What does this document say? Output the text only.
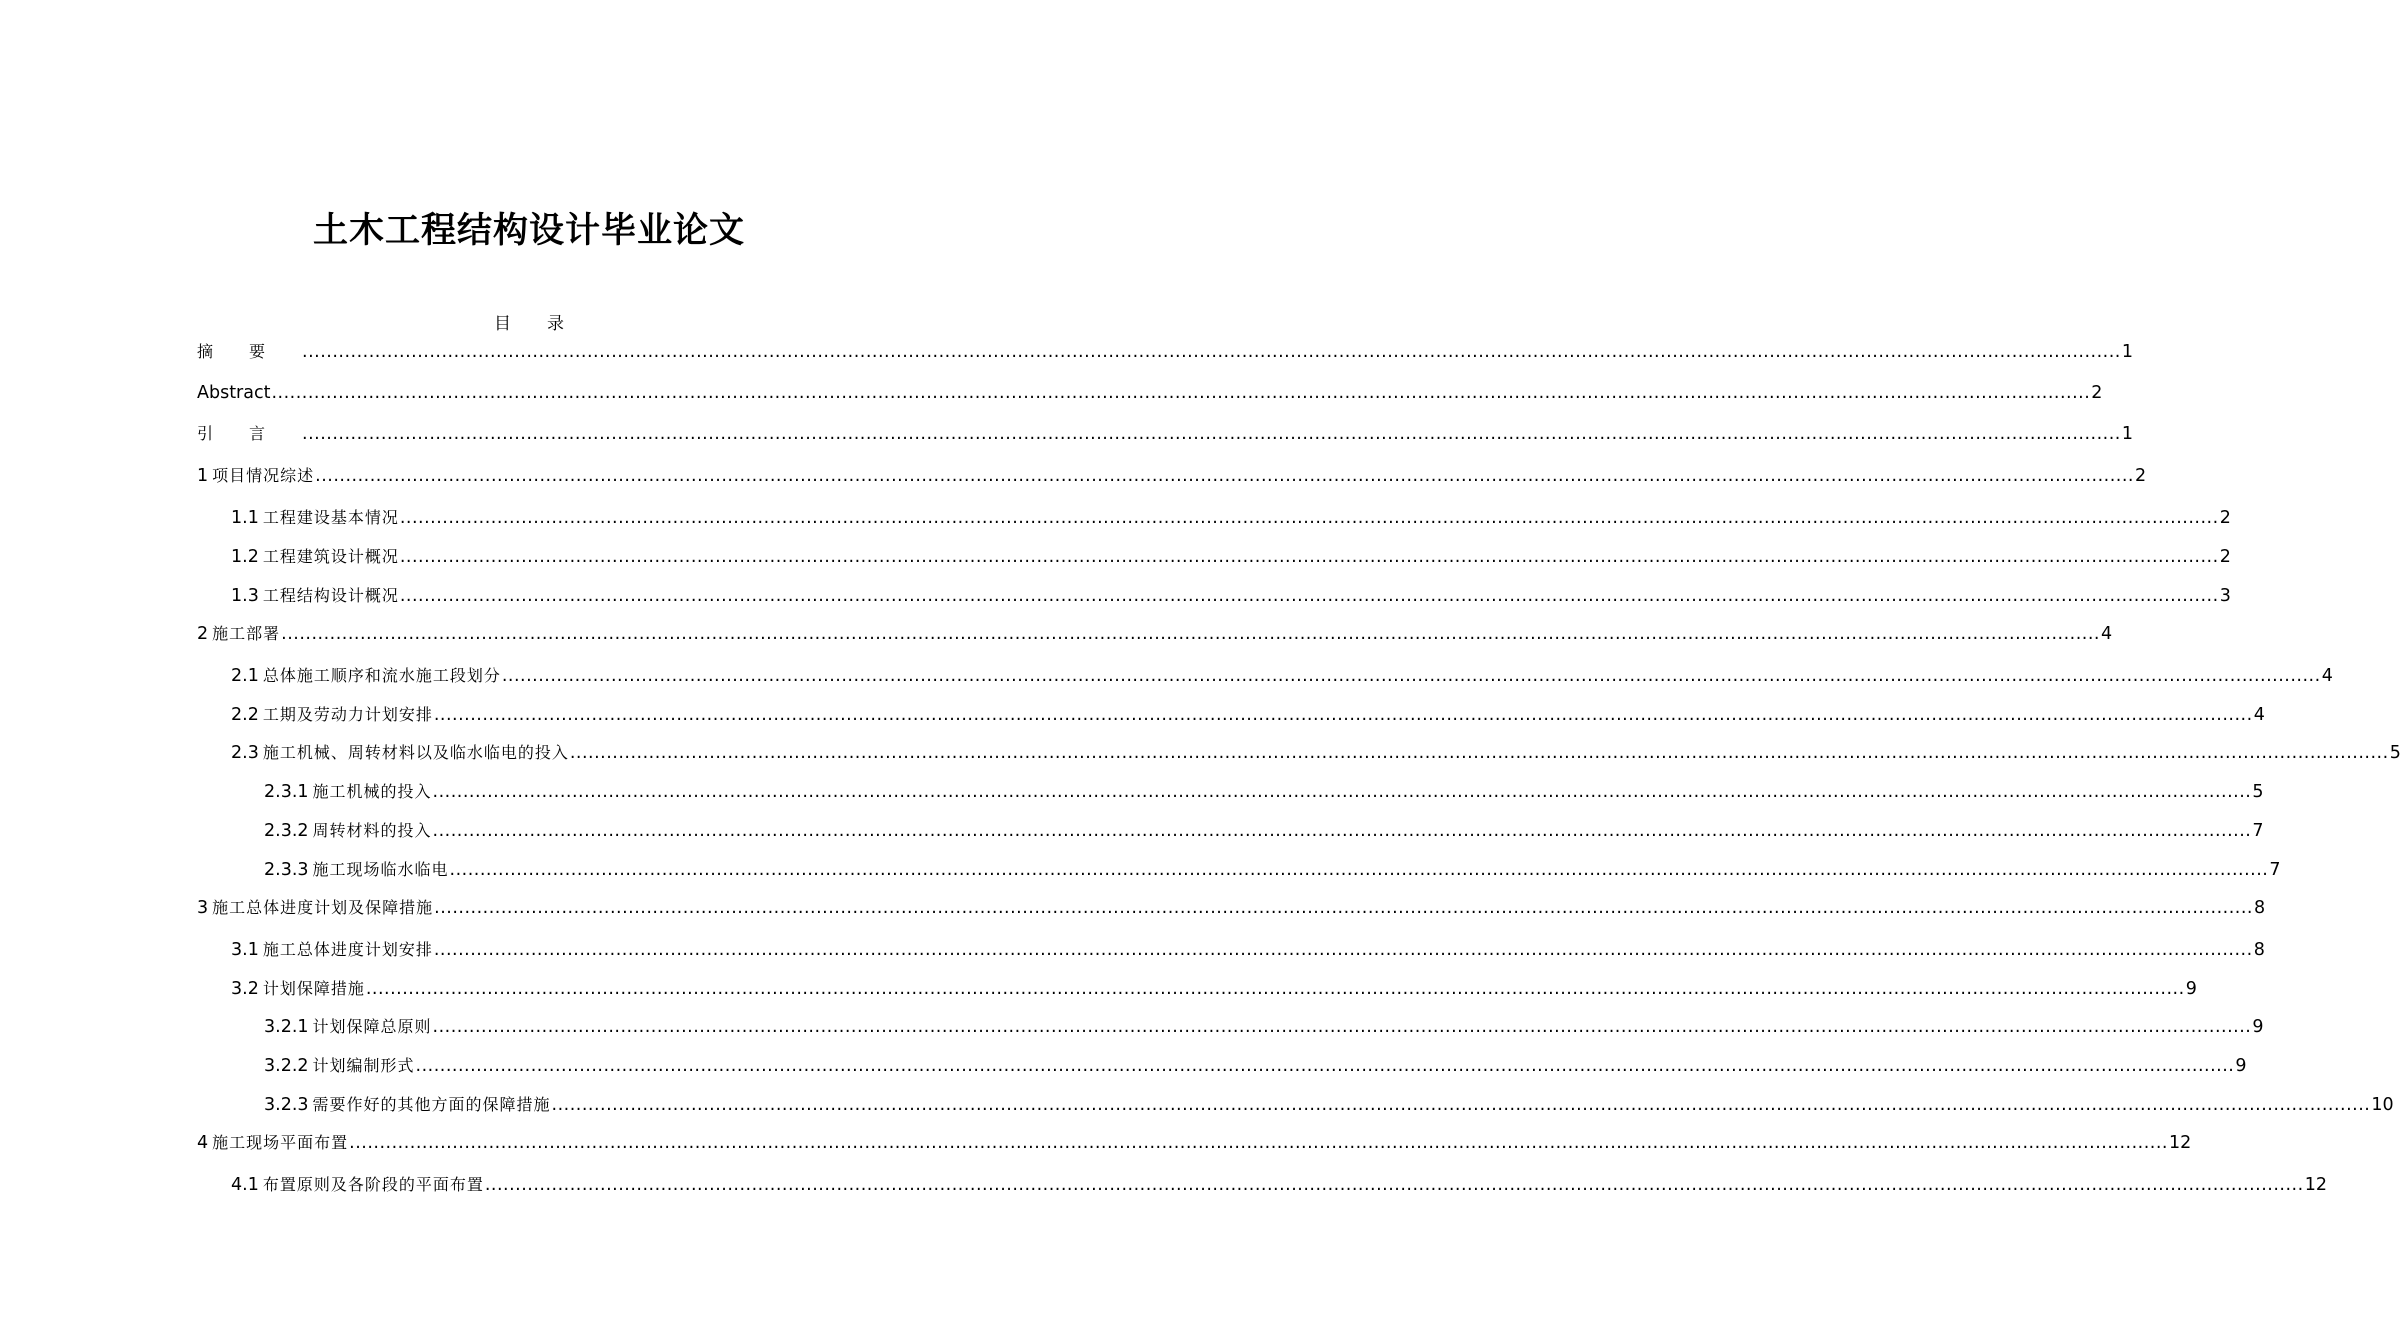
土木工程结构设计毕业论文
目 录
摘要 ............................................................................................................................................................................................................................................................................................................ 1
Abstract ............................................................................................................................................................................................................................................................................................................ 2
引言 ............................................................................................................................................................................................................................................................................................................ 1
1 项目情况综述 ............................................................................................................................................................................................................................................................................................................ 2
1.1 工程建设基本情况 ............................................................................................................................................................................................................................................................................................................ 2
1.2 工程建筑设计概况 ............................................................................................................................................................................................................................................................................................................ 2
1.3 工程结构设计概况 ............................................................................................................................................................................................................................................................................................................ 3
2 施工部署 ............................................................................................................................................................................................................................................................................................................ 4
2.1 总体施工顺序和流水施工段划分 ............................................................................................................................................................................................................................................................................................................ 4
2.2 工期及劳动力计划安排 ............................................................................................................................................................................................................................................................................................................ 4
2.3 施工机械、周转材料以及临水临电的投入 ............................................................................................................................................................................................................................................................................................................ 5
2.3.1 施工机械的投入 ............................................................................................................................................................................................................................................................................................................ 5
2.3.2 周转材料的投入 ............................................................................................................................................................................................................................................................................................................ 7
2.3.3 施工现场临水临电 ............................................................................................................................................................................................................................................................................................................ 7
3 施工总体进度计划及保障措施 ............................................................................................................................................................................................................................................................................................................ 8
3.1 施工总体进度计划安排 ............................................................................................................................................................................................................................................................................................................ 8
3.2 计划保障措施 ............................................................................................................................................................................................................................................................................................................ 9
3.2.1 计划保障总原则 ............................................................................................................................................................................................................................................................................................................ 9
3.2.2 计划编制形式 ............................................................................................................................................................................................................................................................................................................ 9
3.2.3 需要作好的其他方面的保障措施 ............................................................................................................................................................................................................................................................................................................ 10
4 施工现场平面布置 ............................................................................................................................................................................................................................................................................................................ 12
4.1 布置原则及各阶段的平面布置 ............................................................................................................................................................................................................................................................................................................ 12
